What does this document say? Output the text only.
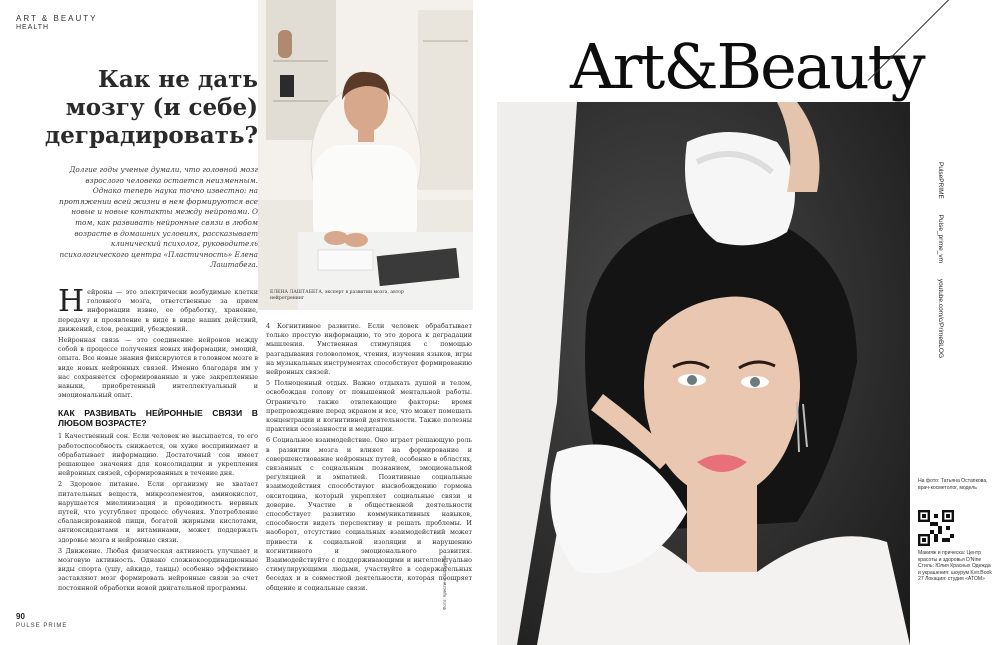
ART & BEAUTY
HEALTH
Как не дать мозгу (и себе) деградировать?

Долгие годы ученые думали, что головной мозг взрослого человека остается неизменным. Однако теперь наука точно известно: на протяжении всей жизни в нем формируются все новые и новые контакты между нейронами. О том, как развивать нейронные связи в любом возрасте в домашних условиях, рассказывает клинический психолог, руководитель психологического центра «Пластичность» Елена Лаштабега.

ЕЛЕНА ЛАШТАБЕГА, эксперт в развитии мозга, автор нейротренинг

Нейроны — это электрически возбудимые клетки головного мозга, ответственные за прием информации извне, ее обработку, хранение, передачу и проявление в виде в виде наших действий, движений, слов, реакций, убеждений.

Нейронная связь — это соединение нейронов между собой в процессе получения новых информации, эмоций, опыта. Все новые знания фиксируются в головном мозге в виде новых нейронных связей. Именно благодаря им у нас сохраняется сформированные и уже закрепленные навыки, приобретенный интеллектуальный и эмоциональный опыт.

КАК РАЗВИВАТЬ НЕЙРОННЫЕ СВЯЗИ В ЛЮБОМ ВОЗРАСТЕ?

1 Качественный сон. Если человек не высыпается, то его работоспособность снижается, он хуже воспринимает и обрабатывает информацию. Достаточный сон имеет решающее значения для консолидации и укрепления нейронных связей, сформированных в течение дня.

2 Здоровое питание. Если организму не хватает питательных веществ, микроэлементов, аминокислот, нарушается миелинизация и проводимость нервных путей, что усугубляет процесс обучения. Употребление сбалансированной пищи, богатой жирными кислотами, антиоксидантами и витаминами, может поддержать здоровье мозга и нейронные связи.

3 Движение. Любая физическая активность улучшает и мозговую активность. Однако сложнокоординационные виды спорта (ушу, айкидо, танцы) особенно эффективно заставляют мозг формировать нейронные связи за счет постоянной обработки новой двигательной программы.

4 Когнитивное развитие. Если человек обрабатывает только простую информацию, то это дорога к деградации мышления. Умственная стимуляция с помощью разгадывания головоломок, чтения, изучения языков, игры на музыкальных инструментах способствует формированию нейронных связей.

5 Полноценный отдых. Важно отдыхать душой и телом, освобождая голову от повышенной ментальной работы. Ограничьте также отвлекающие факторы: время препровождение перед экраном и все, что может помешать концентрации и когнитивной деятельности. Также полезны практики осознанности и медитации.

6 Социальное взаимодействие. Оно играет решающую роль в развитии мозга и влияет на формирование и совершенствование нейронных путей, особенно в областях, связанных с социальным познанием, эмоциональной регуляцией и эмпатией. Позитивные социальные взаимодействия способствуют высвобождению гормона окситоцина, который укрепляет социальные связи и доверие. Участие в общественной деятельности способствует развитию коммуникативных навыков, способности видеть перспективу и решать проблемы. И наоборот, отсутствие социальных взаимодействий может привести к социальной изоляции и нарушению когнитивного и эмоционального развития. Взаимодействуйте с поддерживающими и интеллектуально стимулирующими людьми, участвуйте в содержательных беседах и в совместной деятельности, которая поощряет общение и социальные связи.	Фото: Кристина Шахурова
90
PULSE PRIME
Art&Beauty
PulsePRIME Pulse_prime_vm youtube.com/c/PrimeBLOG
На фото: Татьяна Остапкова, врач-косметолог, модель
Макияж и прическа: Центр красоты и здоровья D'Nine Стиль: Юлия Красных Одежда и украшения: шоурум Kvir.Book 27 Локация: студия «ATOM»
